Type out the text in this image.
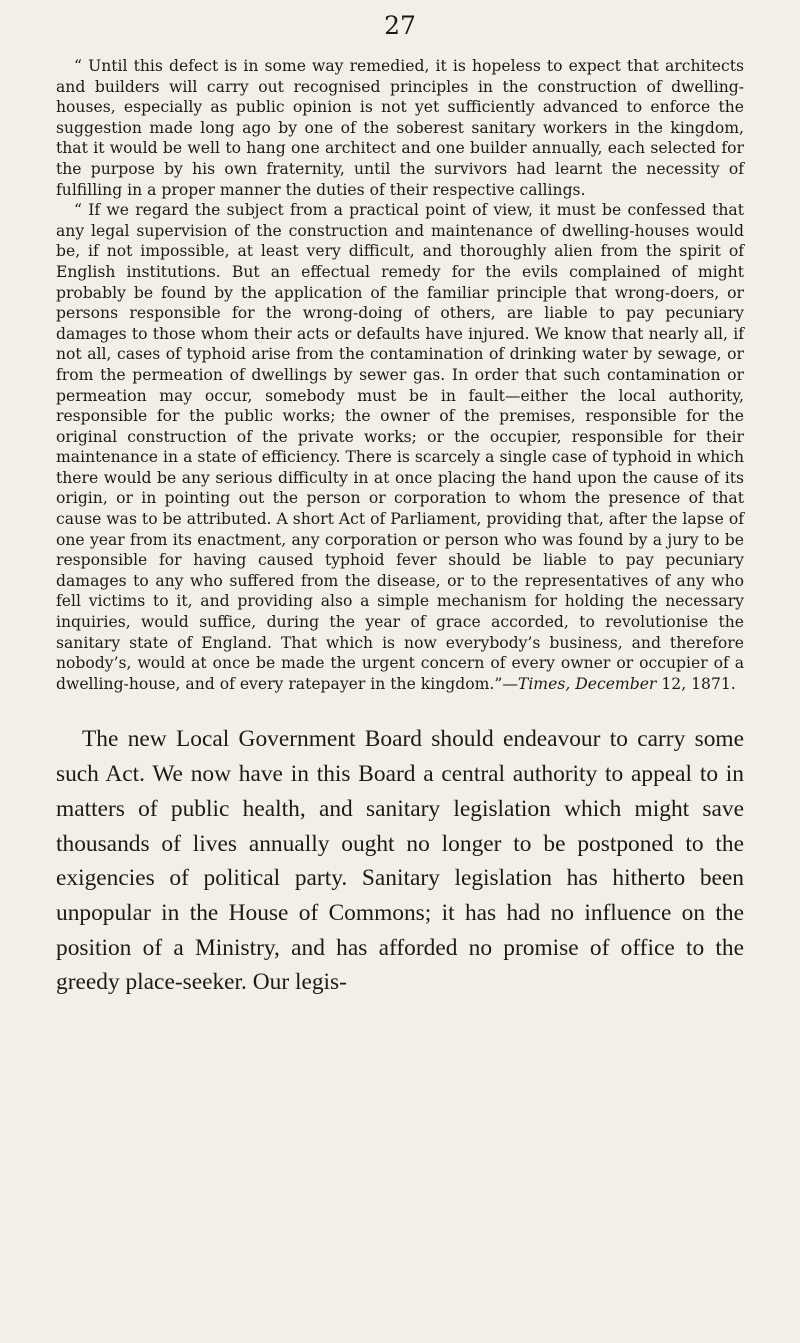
27

“ Until this defect is in some way remedied, it is hopeless to expect that architects and builders will carry out recognised principles in the construction of dwelling-houses, especially as public opinion is not yet sufficiently advanced to enforce the suggestion made long ago by one of the soberest sanitary workers in the kingdom, that it would be well to hang one architect and one builder annually, each selected for the purpose by his own fraternity, until the survivors had learnt the necessity of fulfilling in a proper manner the duties of their respective callings.

“ If we regard the subject from a practical point of view, it must be confessed that any legal supervision of the construction and maintenance of dwelling-houses would be, if not impossible, at least very difficult, and thoroughly alien from the spirit of English institutions. But an effectual remedy for the evils complained of might probably be found by the application of the familiar principle that wrong-doers, or persons responsible for the wrong-doing of others, are liable to pay pecuniary damages to those whom their acts or defaults have injured. We know that nearly all, if not all, cases of typhoid arise from the contamination of drinking water by sewage, or from the permeation of dwellings by sewer gas. In order that such contamination or permeation may occur, somebody must be in fault—either the local authority, responsible for the public works; the owner of the premises, responsible for the original construction of the private works; or the occupier, responsible for their maintenance in a state of efficiency. There is scarcely a single case of typhoid in which there would be any serious difficulty in at once placing the hand upon the cause of its origin, or in pointing out the person or corporation to whom the presence of that cause was to be attributed. A short Act of Parliament, providing that, after the lapse of one year from its enactment, any corporation or person who was found by a jury to be responsible for having caused typhoid fever should be liable to pay pecuniary damages to any who suffered from the disease, or to the representatives of any who fell victims to it, and providing also a simple mechanism for holding the necessary inquiries, would suffice, during the year of grace accorded, to revolutionise the sanitary state of England. That which is now everybody’s business, and therefore nobody’s, would at once be made the urgent concern of every owner or occupier of a dwelling-house, and of every ratepayer in the kingdom.”—Times, December 12, 1871.

The new Local Government Board should endeavour to carry some such Act. We now have in this Board a central authority to appeal to in matters of public health, and sanitary legislation which might save thousands of lives annually ought no longer to be postponed to the exigencies of political party. Sanitary legislation has hitherto been unpopular in the House of Commons; it has had no influence on the position of a Ministry, and has afforded no promise of office to the greedy place-seeker. Our legis-
